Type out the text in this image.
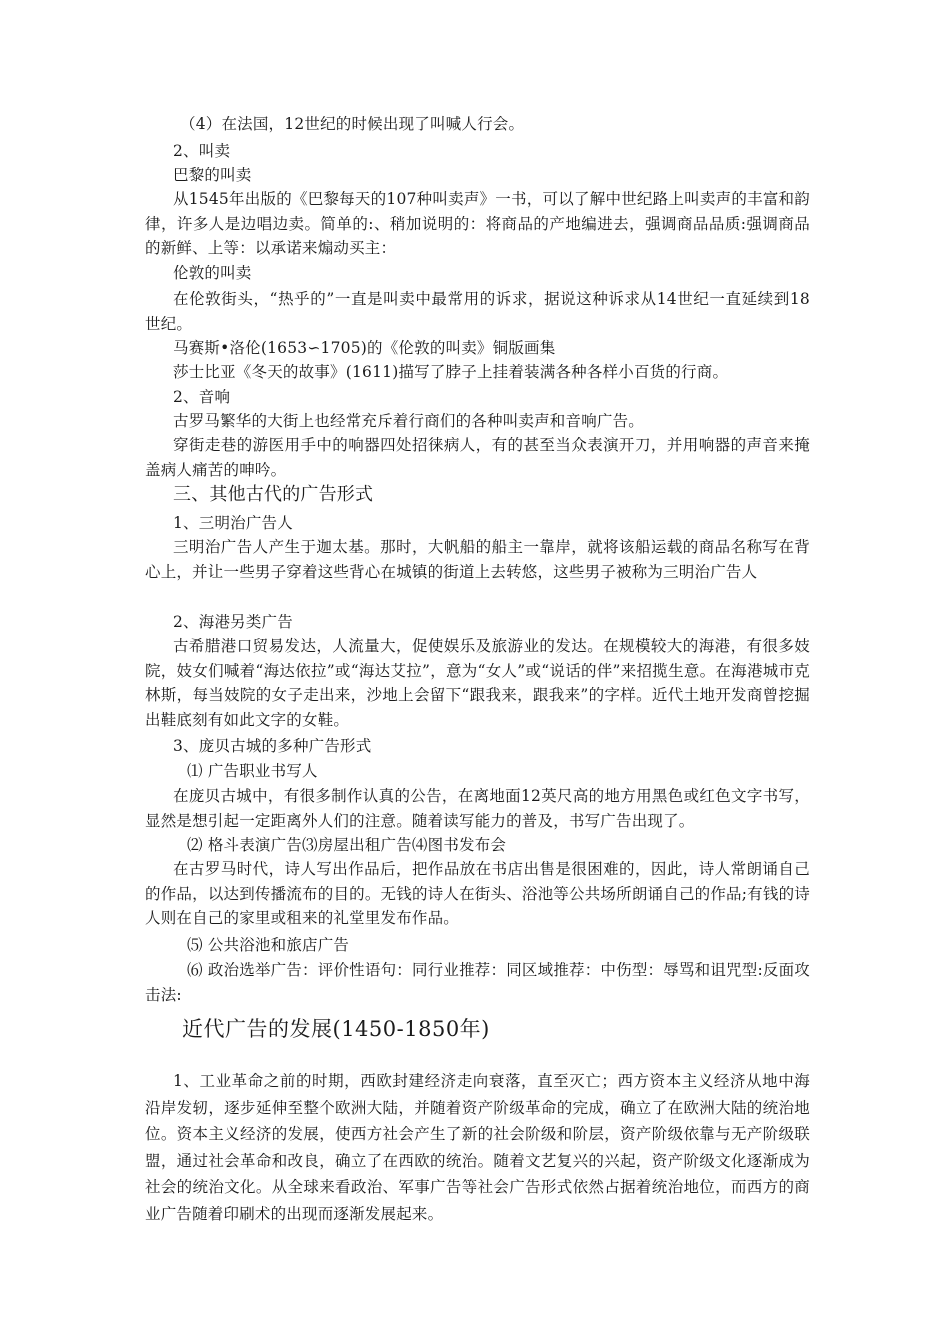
（4）在法国，12世纪的时候出现了叫喊人行会。
2、叫卖
巴黎的叫卖
从1545年出版的《巴黎每天的107种叫卖声》一书，可以了解中世纪路上叫卖声的丰富和韵律，许多人是边唱边卖。简单的:、稍加说明的：将商品的产地编进去，强调商品品质:强调商品的新鲜、上等：以承诺来煽动买主：
伦敦的叫卖
在伦敦街头，“热乎的”一直是叫卖中最常用的诉求，据说这种诉求从14世纪一直延续到18世纪。
马赛斯•洛伦(1653∽1705)的《伦敦的叫卖》铜版画集
莎士比亚《冬天的故事》(1611)描写了脖子上挂着装满各种各样小百货的行商。
2、音响
古罗马繁华的大街上也经常充斥着行商们的各种叫卖声和音响广告。
穿街走巷的游医用手中的响器四处招徕病人，有的甚至当众表演开刀，并用响器的声音来掩盖病人痛苦的呻吟。
三、其他古代的广告形式
1、三明治广告人
三明治广告人产生于迦太基。那时，大帆船的船主一靠岸，就将该船运载的商品名称写在背心上，并让一些男子穿着这些背心在城镇的街道上去转悠，这些男子被称为三明治广告人
2、海港另类广告
古希腊港口贸易发达，人流量大，促使娱乐及旅游业的发达。在规模较大的海港，有很多妓院，妓女们喊着“海达依拉”或“海达艾拉”，意为“女人”或“说话的伴”来招揽生意。在海港城市克林斯，每当妓院的女子走出来，沙地上会留下“跟我来，跟我来”的字样。近代土地开发商曾挖掘出鞋底刻有如此文字的女鞋。
3、庞贝古城的多种广告形式
⑴ 广告职业书写人
在庞贝古城中，有很多制作认真的公告，在离地面12英尺高的地方用黑色或红色文字书写，显然是想引起一定距离外人们的注意。随着读写能力的普及，书写广告出现了。
⑵ 格斗表演广告⑶房屋出租广告⑷图书发布会
在古罗马时代，诗人写出作品后，把作品放在书店出售是很困难的，因此，诗人常朗诵自己的作品，以达到传播流布的目的。无钱的诗人在街头、浴池等公共场所朗诵自己的作品;有钱的诗人则在自己的家里或租来的礼堂里发布作品。
⑸ 公共浴池和旅店广告
⑹ 政治选举广告：评价性语句：同行业推荐：同区域推荐：中伤型：辱骂和诅咒型:反面攻击法:
近代广告的发展(1450-1850年)
1、工业革命之前的时期，西欧封建经济走向衰落，直至灭亡；西方资本主义经济从地中海沿岸发轫，逐步延伸至整个欧洲大陆，并随着资产阶级革命的完成，确立了在欧洲大陆的统治地位。资本主义经济的发展，使西方社会产生了新的社会阶级和阶层，资产阶级依靠与无产阶级联盟，通过社会革命和改良，确立了在西欧的统治。随着文艺复兴的兴起，资产阶级文化逐渐成为社会的统治文化。从全球来看政治、军事广告等社会广告形式依然占据着统治地位，而西方的商业广告随着印刷术的出现而逐渐发展起来。
